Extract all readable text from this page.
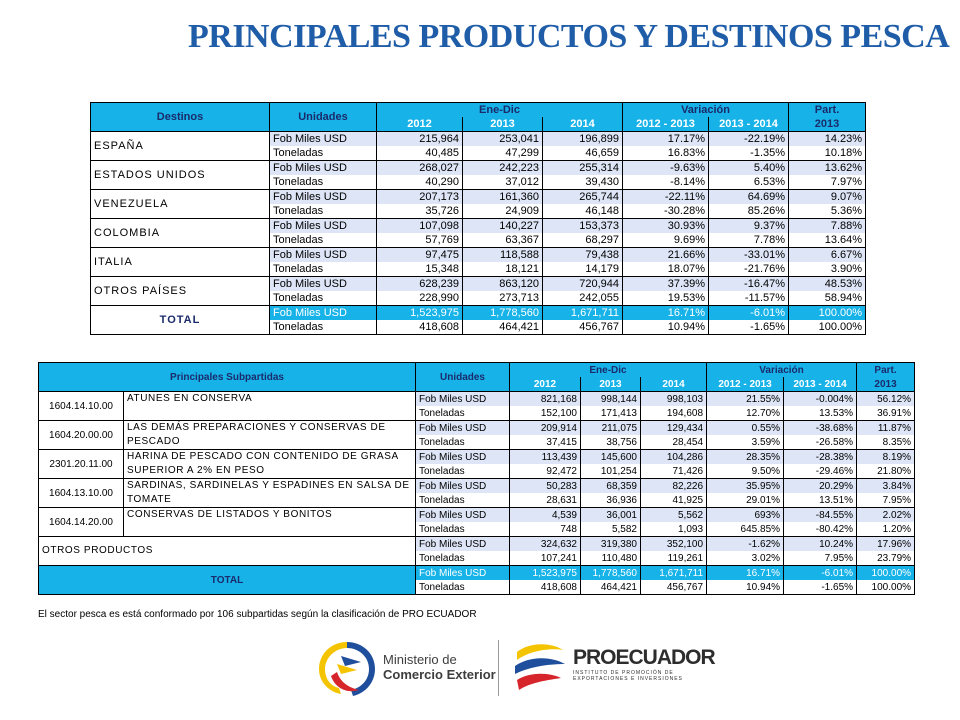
PRINCIPALES PRODUCTOS Y DESTINOS PESCA
Destinos	Unidades	Ene-Dic			Variación		Part.
		2012	2013	2014	2012 - 2013	2013 - 2014	2013
ESPAÑA	Fob Miles USD	215,964	253,041	196,899	17.17%	-22.19%	14.23%
	Toneladas	40,485	47,299	46,659	16.83%	-1.35%	10.18%
ESTADOS UNIDOS	Fob Miles USD	268,027	242,223	255,314	-9.63%	5.40%	13.62%
	Toneladas	40,290	37,012	39,430	-8.14%	6.53%	7.97%
VENEZUELA	Fob Miles USD	207,173	161,360	265,744	-22.11%	64.69%	9.07%
	Toneladas	35,726	24,909	46,148	-30.28%	85.26%	5.36%
COLOMBIA	Fob Miles USD	107,098	140,227	153,373	30.93%	9.37%	7.88%
	Toneladas	57,769	63,367	68,297	9.69%	7.78%	13.64%
ITALIA	Fob Miles USD	97,475	118,588	79,438	21.66%	-33.01%	6.67%
	Toneladas	15,348	18,121	14,179	18.07%	-21.76%	3.90%
OTROS PAÍSES	Fob Miles USD	628,239	863,120	720,944	37.39%	-16.47%	48.53%
	Toneladas	228,990	273,713	242,055	19.53%	-11.57%	58.94%
TOTAL	Fob Miles USD	1,523,975	1,778,560	1,671,711	16.71%	-6.01%	100.00%
	Toneladas	418,608	464,421	456,767	10.94%	-1.65%	100.00%
Principales Subpartidas		Unidades	Ene-Dic			Variación		Part.
			2012	2013	2014	2012 - 2013	2013 - 2014	2013
1604.14.10.00	ATUNES EN CONSERVA	Fob Miles USD	821,168	998,144	998,103	21.55%	-0.004%	56.12%
		Toneladas	152,100	171,413	194,608	12.70%	13.53%	36.91%
1604.20.00.00	LAS DEMÁS PREPARACIONES Y CONSERVAS DE PESCADO	Fob Miles USD	209,914	211,075	129,434	0.55%	-38.68%	11.87%
		Toneladas	37,415	38,756	28,454	3.59%	-26.58%	8.35%
2301.20.11.00	HARINA DE PESCADO CON CONTENIDO DE GRASA SUPERIOR A 2% EN PESO	Fob Miles USD	113,439	145,600	104,286	28.35%	-28.38%	8.19%
		Toneladas	92,472	101,254	71,426	9.50%	-29.46%	21.80%
1604.13.10.00	SARDINAS, SARDINELAS Y ESPADINES EN SALSA DE TOMATE	Fob Miles USD	50,283	68,359	82,226	35.95%	20.29%	3.84%
		Toneladas	28,631	36,936	41,925	29.01%	13.51%	7.95%
1604.14.20.00	CONSERVAS DE LISTADOS Y BONITOS	Fob Miles USD	4,539	36,001	5,562	693%	-84.55%	2.02%
		Toneladas	748	5,582	1,093	645.85%	-80.42%	1.20%
OTROS PRODUCTOS		Fob Miles USD	324,632	319,380	352,100	-1.62%	10.24%	17.96%
		Toneladas	107,241	110,480	119,261	3.02%	7.95%	23.79%
TOTAL		Fob Miles USD	1,523,975	1,778,560	1,671,711	16.71%	-6.01%	100.00%
		Toneladas	418,608	464,421	456,767	10.94%	-1.65%	100.00%
El sector pesca es está conformado por 106 subpartidas según la clasificación de PRO ECUADOR
Ministerio de
Comercio Exterior
PROECUADOR
INSTITUTO DE PROMOCIÓN DE
EXPORTACIONES E INVERSIONES
